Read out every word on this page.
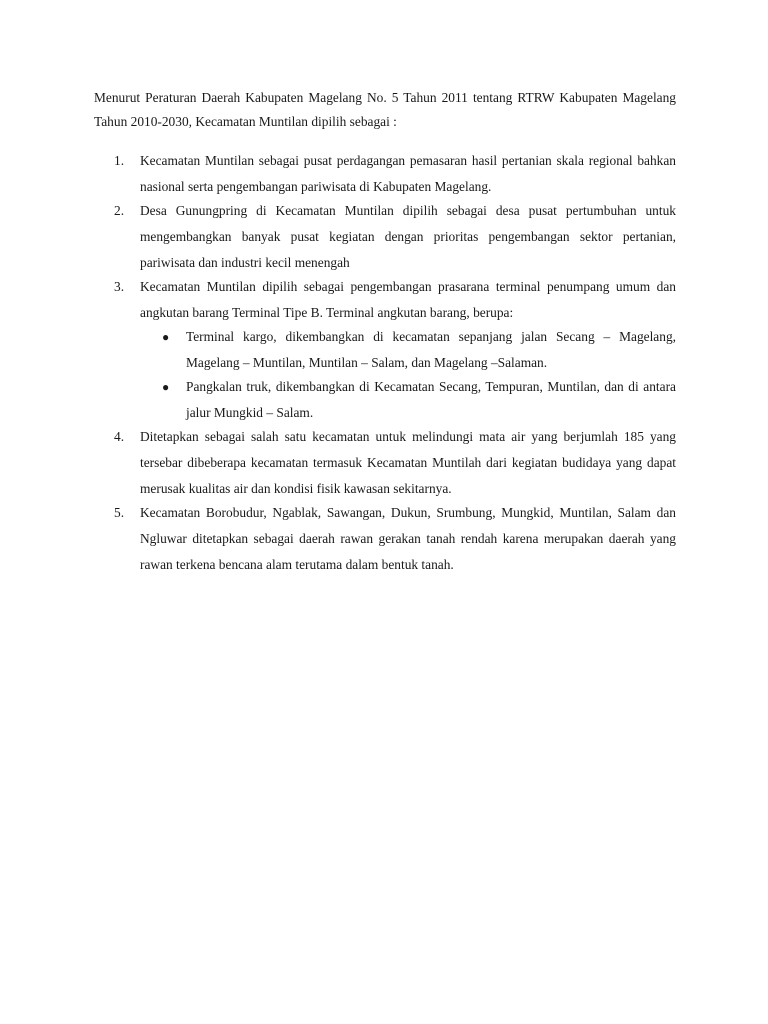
Menurut Peraturan Daerah Kabupaten Magelang No. 5 Tahun 2011 tentang RTRW Kabupaten Magelang Tahun 2010-2030, Kecamatan Muntilan dipilih sebagai :

1. Kecamatan Muntilan sebagai pusat perdagangan pemasaran hasil pertanian skala regional bahkan nasional serta pengembangan pariwisata di Kabupaten Magelang.
2. Desa Gunungpring di Kecamatan Muntilan dipilih sebagai desa pusat pertumbuhan untuk mengembangkan banyak pusat kegiatan dengan prioritas pengembangan sektor pertanian, pariwisata dan industri kecil menengah
3. Kecamatan Muntilan dipilih sebagai pengembangan prasarana terminal penumpang umum dan angkutan barang Terminal Tipe B. Terminal angkutan barang, berupa:
● Terminal kargo, dikembangkan di kecamatan sepanjang jalan Secang – Magelang, Magelang – Muntilan, Muntilan – Salam, dan Magelang –Salaman.
● Pangkalan truk, dikembangkan di Kecamatan Secang, Tempuran, Muntilan, dan di antara jalur Mungkid – Salam.
4. Ditetapkan sebagai salah satu kecamatan untuk melindungi mata air yang berjumlah 185 yang tersebar dibeberapa kecamatan termasuk Kecamatan Muntilah dari kegiatan budidaya yang dapat merusak kualitas air dan kondisi fisik kawasan sekitarnya.
5. Kecamatan Borobudur, Ngablak, Sawangan, Dukun, Srumbung, Mungkid, Muntilan, Salam dan Ngluwar ditetapkan sebagai daerah rawan gerakan tanah rendah karena merupakan daerah yang rawan terkena bencana alam terutama dalam bentuk tanah.
